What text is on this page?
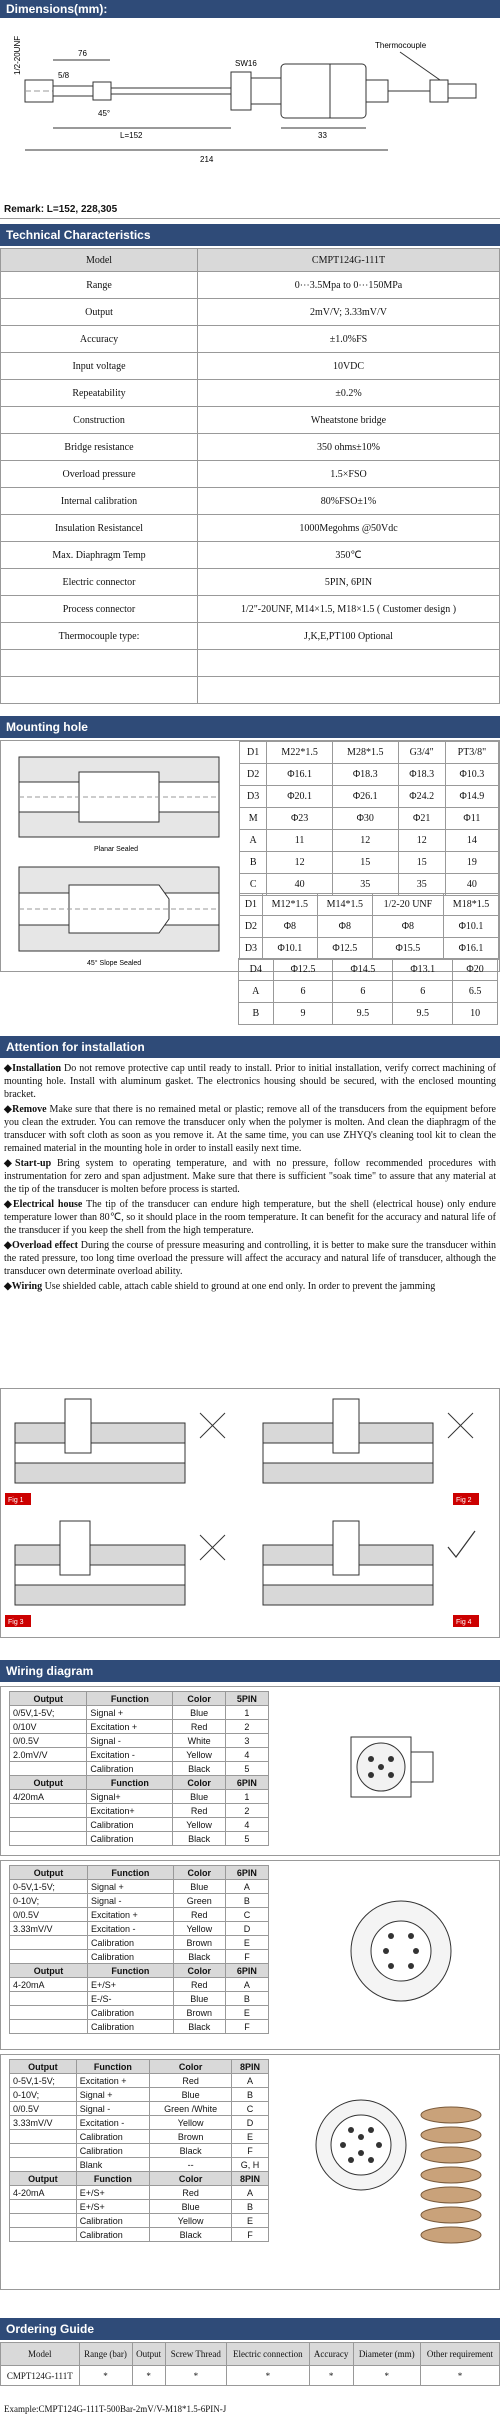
Dimensions(mm):
Thermocouple
L=152
76
33
214
SW16
1/2-20UNF
45°
5/8
Remark: L=152, 228,305
Technical Characteristics
Model	CMPT124G-111T
Range	0⋯3.5Mpa to 0⋯150MPa
Output	2mV/V; 3.33mV/V
Accuracy	±1.0%FS
Input voltage	10VDC
Repeatability	±0.2%
Construction	Wheatstone bridge
Bridge resistance	350 ohms±10%
Overload pressure	1.5×FSO
Internal calibration	80%FSO±1%
Insulation Resistancel	1000Megohms @50Vdc
Max. Diaphragm Temp	350℃
Electric connector	5PIN, 6PIN
Process connector	1/2"-20UNF, M14×1.5, M18×1.5 ( Customer design )
Thermocouple type:	J,K,E,PT100 Optional

Mounting hole
Planar Sealed
45° Slope Sealed
D1	M22*1.5	M28*1.5	G3/4"	PT3/8"
D2	Φ16.1	Φ18.3	Φ18.3	Φ10.3
D3	Φ20.1	Φ26.1	Φ24.2	Φ14.9
M	Φ23	Φ30	Φ21	Φ11
A	11	12	12	14
B	12	15	15	19
C	40	35	35	40
D1	M12*1.5	M14*1.5	1/2-20 UNF	M18*1.5
D2	Φ8	Φ8	Φ8	Φ10.1
D3	Φ10.1	Φ12.5	Φ15.5	Φ16.1
D4	Φ12.5	Φ14.5	Φ13.1	Φ20
A	6	6	6	6.5
B	9	9.5	9.5	10
Attention for installation

◆Installation Do not remove protective cap until ready to install. Prior to initial installation, verify correct machining of mounting hole. Install with aluminum gasket. The electronics housing should be secured, with the enclosed mounting bracket.

◆Remove Make sure that there is no remained metal or plastic; remove all of the transducers from the equipment before you clean the extruder. You can remove the transducer only when the polymer is molten. And clean the diaphragm of the transducer with soft cloth as soon as you remove it. At the same time, you can use ZHYQ's cleaning tool kit to clean the remained material in the mounting hole in order to install easily next time.

◆Start-up Bring system to operating temperature, and with no pressure, follow recommended procedures with instrumentation for zero and span adjustment. Make sure that there is sufficient "soak time" to assure that any material at the tip of the transducer is molten before process is started.

◆Electrical house The tip of the transducer can endure high temperature, but the shell (electrical house) only endure temperature lower than 80℃, so it should place in the room temperature. It can benefit for the accuracy and natural life of the transducer if you keep the shell from the high temperature.

◆Overload effect During the course of pressure measuring and controlling, it is better to make sure the transducer within the rated pressure, too long time overload the pressure will affect the accuracy and natural life of transducer, although the transducer own determinate overload ability.

◆Wiring Use shielded cable, attach cable shield to ground at one end only. In order to prevent the jamming

Fig 1	Fig 2
Fig 3	Fig 4
Wiring diagram
Output	Function	Color	5PIN
0/5V,1-5V;	Signal +	Blue	1
0/10V	Excitation +	Red	2
0/0.5V	Signal -	White	3
2.0mV/V	Excitation -	Yellow	4
	Calibration	Black	5
Output	Function	Color	6PIN
4/20mA	Signal+	Blue	1
	Excitation+	Red	2
	Calibration	Yellow	4
	Calibration	Black	5
Output	Function	Color	6PIN
0-5V,1-5V;	Signal +	Blue	A
0-10V;	Signal -	Green	B
0/0.5V	Excitation +	Red	C
3.33mV/V	Excitation -	Yellow	D
	Calibration	Brown	E
	Calibration	Black	F
Output	Function	Color	6PIN
4-20mA	E+/S+	Red	A
	E-/S-	Blue	B
	Calibration	Brown	E
	Calibration	Black	F
Output	Function	Color	8PIN
0-5V,1-5V;	Excitation +	Red	A
0-10V;	Signal +	Blue	B
0/0.5V	Signal -	Green /White	C
3.33mV/V	Excitation -	Yellow	D
	Calibration	Brown	E
	Calibration	Black	F
	Blank	--	G, H
Output	Function	Color	8PIN
4-20mA	E+/S+	Red	A
	E+/S+	Blue	B
	Calibration	Yellow	E
	Calibration	Black	F
Ordering Guide
Model	Range (bar)	Output	Screw Thread	Electric connection	Accuracy	Diameter (mm)	Other requirement
CMPT124G-111T	*	*	*	*	*	*	*
Example:CMPT124G-111T-500Bar-2mV/V-M18*1.5-6PIN-J
